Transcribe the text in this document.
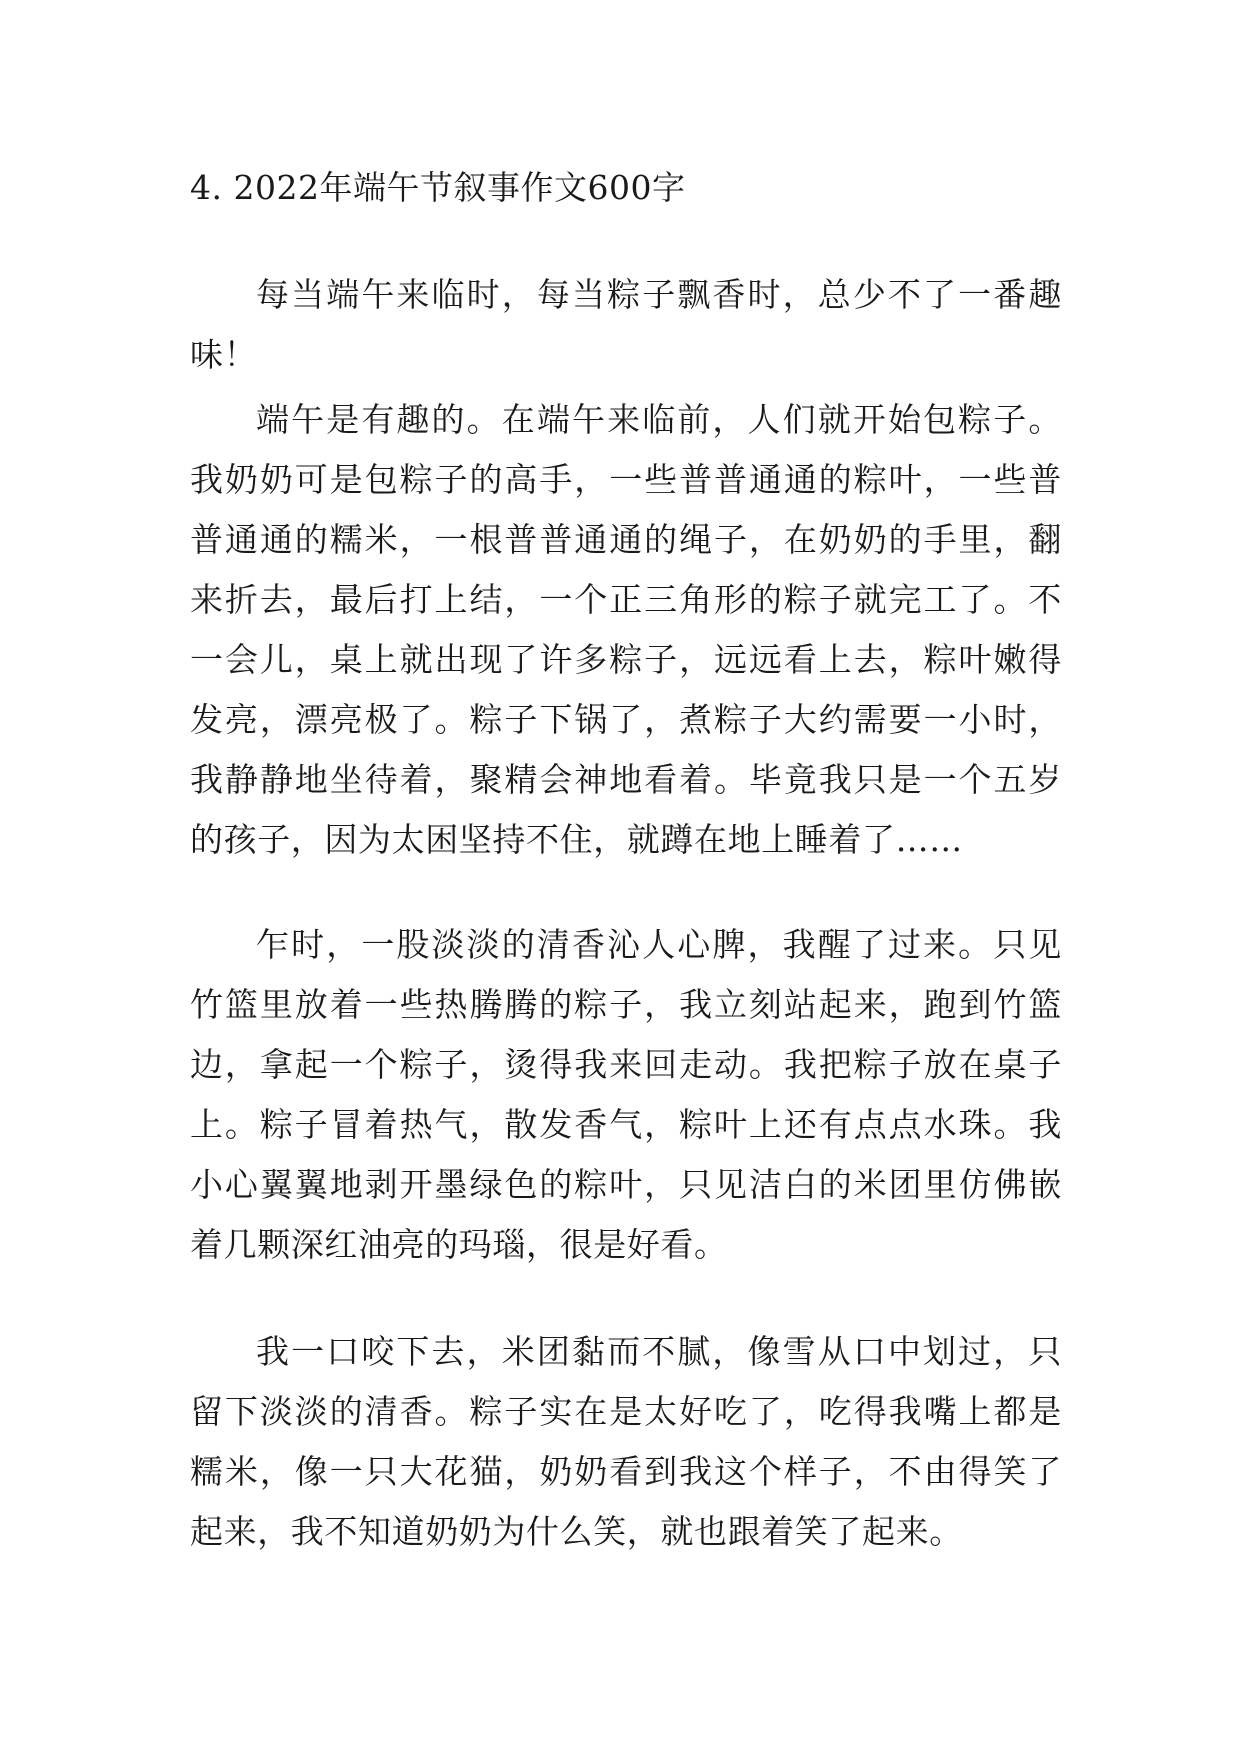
4. 2022年端午节叙事作文600字

每当端午来临时，每当粽子飘香时，总少不了一番趣味！

端午是有趣的。在端午来临前，人们就开始包粽子。我奶奶可是包粽子的高手，一些普普通通的粽叶，一些普普通通的糯米，一根普普通通的绳子，在奶奶的手里，翻来折去，最后打上结，一个正三角形的粽子就完工了。不一会儿，桌上就出现了许多粽子，远远看上去，粽叶嫩得发亮，漂亮极了。粽子下锅了，煮粽子大约需要一小时，我静静地坐待着，聚精会神地看着。毕竟我只是一个五岁的孩子，因为太困坚持不住，就蹲在地上睡着了……

乍时，一股淡淡的清香沁人心脾，我醒了过来。只见竹篮里放着一些热腾腾的粽子，我立刻站起来，跑到竹篮边，拿起一个粽子，烫得我来回走动。我把粽子放在桌子上。粽子冒着热气，散发香气，粽叶上还有点点水珠。我小心翼翼地剥开墨绿色的粽叶，只见洁白的米团里仿佛嵌着几颗深红油亮的玛瑙，很是好看。

我一口咬下去，米团黏而不腻，像雪从口中划过，只留下淡淡的清香。粽子实在是太好吃了，吃得我嘴上都是糯米，像一只大花猫，奶奶看到我这个样子，不由得笑了起来，我不知道奶奶为什么笑，就也跟着笑了起来。
